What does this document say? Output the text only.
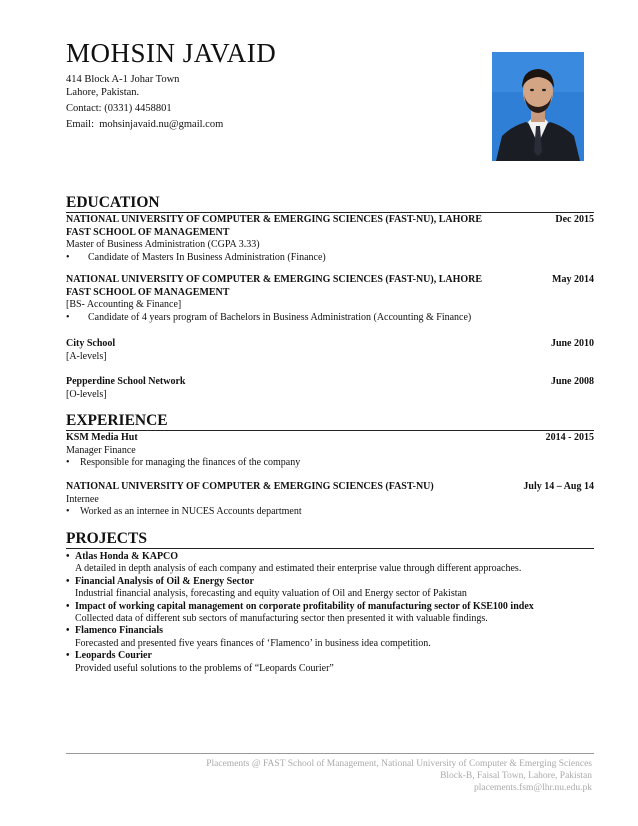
MOHSIN JAVAID
414 Block A-1 Johar Town
Lahore, Pakistan.
Contact: (0331) 4458801
Email: mohsinjavaid.nu@gmail.com
EDUCATION
NATIONAL UNIVERSITY OF COMPUTER & EMERGING SCIENCES (FAST-NU), LAHORE	Dec 2015
FAST SCHOOL OF MANAGEMENT
Master of Business Administration (CGPA 3.33)
•	Candidate of Masters In Business Administration (Finance)
NATIONAL UNIVERSITY OF COMPUTER & EMERGING SCIENCES (FAST-NU), LAHORE	May 2014
FAST SCHOOL OF MANAGEMENT
[BS- Accounting & Finance]
•	Candidate of 4 years program of Bachelors in Business Administration (Accounting & Finance)
City School	June 2010
[A-levels]
Pepperdine School Network	June 2008
[O-levels]
EXPERIENCE
KSM Media Hut	2014 - 2015
Manager Finance
•	Responsible for managing the finances of the company
NATIONAL UNIVERSITY OF COMPUTER & EMERGING SCIENCES (FAST-NU)	July 14 – Aug 14
Internee
•	Worked as an internee in NUCES Accounts department
PROJECTS
• Atlas Honda & KAPCO
A detailed in depth analysis of each company and estimated their enterprise value through different approaches.
• Financial Analysis of Oil & Energy Sector
Industrial financial analysis, forecasting and equity valuation of Oil and Energy sector of Pakistan
• Impact of working capital management on corporate profitability of manufacturing sector of KSE100 index
Collected data of different sub sectors of manufacturing sector then presented it with valuable findings.
• Flamenco Financials
Forecasted and presented five years finances of ‘Flamenco’ in business idea competition.
• Leopards Courier
Provided useful solutions to the problems of “Leopards Courier”
Placements @ FAST School of Management, National University of Computer & Emerging Sciences
Block-B, Faisal Town, Lahore, Pakistan
placements.fsm@lhr.nu.edu.pk
